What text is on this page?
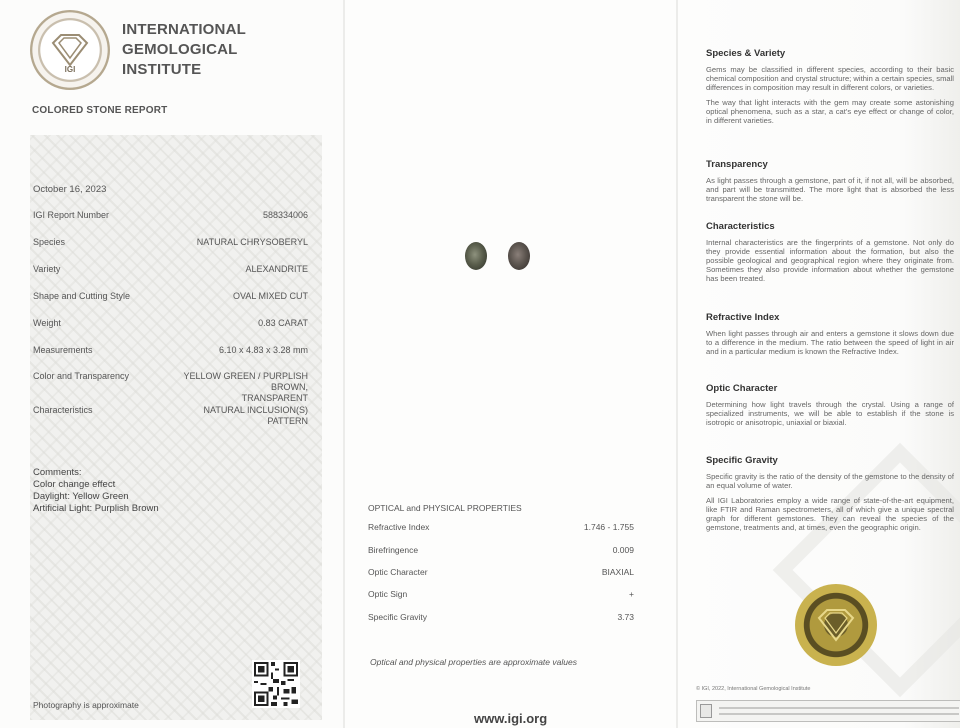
IGI
INTERNATIONAL
GEMOLOGICAL
INSTITUTE
COLORED STONE REPORT
October 16, 2023
IGI Report Number	588334006
Species	NATURAL CHRYSOBERYL
Variety	ALEXANDRITE
Shape and Cutting Style	OVAL MIXED CUT
Weight	0.83 CARAT
Measurements	6.10 x 4.83 x 3.28 mm
Color and Transparency	YELLOW GREEN / PURPLISH
BROWN,
TRANSPARENT
Characteristics	NATURAL INCLUSION(S)
PATTERN
Comments:
Color change effect
Daylight: Yellow Green
Artificial Light: Purplish Brown
Photography is approximate
OPTICAL and PHYSICAL PROPERTIES
Refractive Index	1.746 - 1.755
Birefringence	0.009
Optic Character	BIAXIAL
Optic Sign	+
Specific Gravity	3.73
Optical and physical properties are approximate values
www.igi.org
Species & Variety

Gems may be classified in different species, according to their basic chemical composition and crystal structure; within a certain species, small differences in composition may result in different colors, or varieties.

The way that light interacts with the gem may create some astonishing optical phenomena, such as a star, a cat's eye effect or change of color, in different varieties.

Transparency

As light passes through a gemstone, part of it, if not all, will be absorbed, and part will be transmitted. The more light that is absorbed the less transparent the stone will be.

Characteristics

Internal characteristics are the fingerprints of a gemstone. Not only do they provide essential information about the formation, but also the possible geological and geographical region where they originate from. Sometimes they also provide information about whether the gemstone has been treated.

Refractive Index

When light passes through air and enters a gemstone it slows down due to a difference in the medium. The ratio between the speed of light in air and in a particular medium is known the Refractive Index.

Optic Character

Determining how light travels through the crystal. Using a range of specialized instruments, we will be able to establish if the stone is isotropic or anisotropic, uniaxial or biaxial.

Specific Gravity

Specific gravity is the ratio of the density of the gemstone to the density of an equal volume of water.

All IGI Laboratories employ a wide range of state-of-the-art equipment, like FTIR and Raman spectrometers, all of which give a unique spectral graph for different gemstones. They can reveal the species of the gemstone, treatments and, at times, even the geographic origin.

© IGI, 2022, International Gemological Institute
